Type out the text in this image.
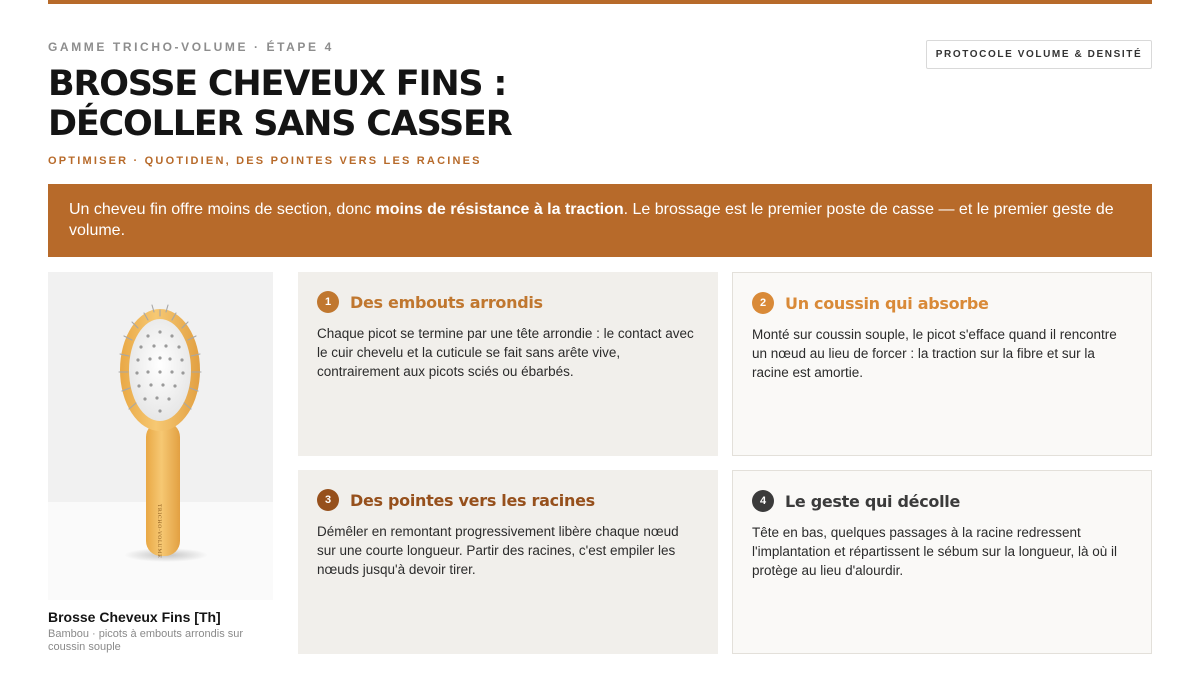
GAMME TRICHO-VOLUME · ÉTAPE 4
PROTOCOLE VOLUME & DENSITÉ
BROSSE CHEVEUX FINS :
DÉCOLLER SANS CASSER
OPTIMISER · QUOTIDIEN, DES POINTES VERS LES RACINES
Un cheveu fin offre moins de section, donc moins de résistance à la traction. Le brossage est le premier poste de casse — et le premier geste de volume.
TRICHO-VOLUME
Brosse Cheveux Fins [Th]
Bambou · picots à embouts arrondis sur coussin souple
1	Des embouts arrondis

Chaque picot se termine par une tête arrondie : le contact avec le cuir chevelu et la cuticule se fait sans arête vive, contrairement aux picots sciés ou ébarbés.

2	Un coussin qui absorbe

Monté sur coussin souple, le picot s'efface quand il rencontre un nœud au lieu de forcer : la traction sur la fibre et sur la racine est amortie.

3	Des pointes vers les racines

Démêler en remontant progressivement libère chaque nœud sur une courte longueur. Partir des racines, c'est empiler les nœuds jusqu'à devoir tirer.

4	Le geste qui décolle

Tête en bas, quelques passages à la racine redressent l'implantation et répartissent le sébum sur la longueur, là où il protège au lieu d'alourdir.
